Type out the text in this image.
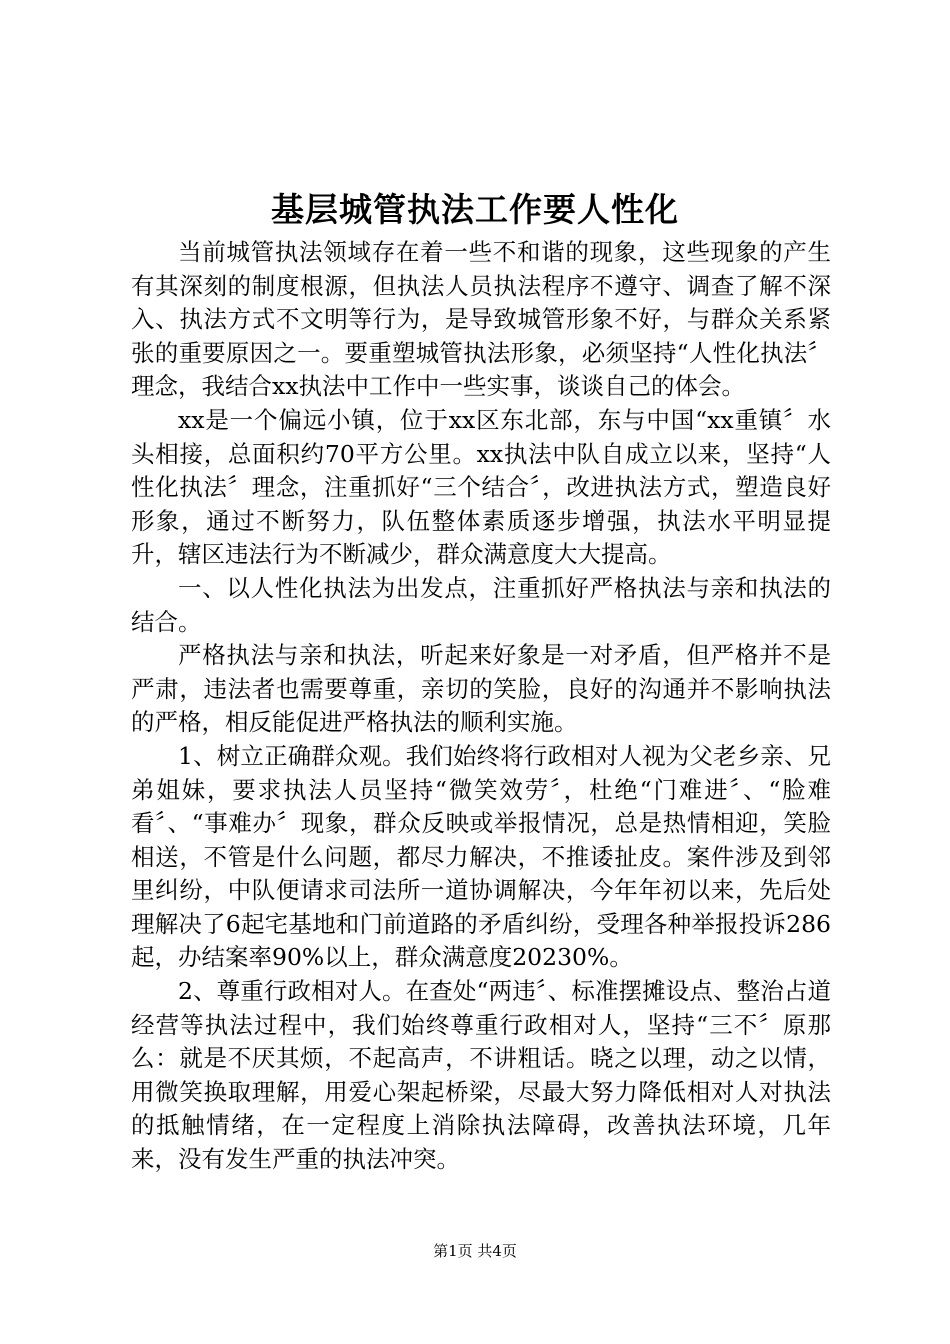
基层城管执法工作要人性化

当前城管执法领域存在着一些不和谐的现象，这些现象的产生有其深刻的制度根源，但执法人员执法程序不遵守、调查了解不深入、执法方式不文明等行为，是导致城管形象不好，与群众关系紧张的重要原因之一。要重塑城管执法形象，必须坚持“人性化执法〞理念，我结合xx执法中工作中一些实事，谈谈自己的体会。

xx是一个偏远小镇，位于xx区东北部，东与中国“xx重镇〞水头相接，总面积约70平方公里。xx执法中队自成立以来，坚持“人性化执法〞理念，注重抓好“三个结合〞，改进执法方式，塑造良好形象，通过不断努力，队伍整体素质逐步增强，执法水平明显提升，辖区违法行为不断减少，群众满意度大大提高。

一、以人性化执法为出发点，注重抓好严格执法与亲和执法的结合。

严格执法与亲和执法，听起来好象是一对矛盾，但严格并不是严肃，违法者也需要尊重，亲切的笑脸，良好的沟通并不影响执法的严格，相反能促进严格执法的顺利实施。

1、树立正确群众观。我们始终将行政相对人视为父老乡亲、兄弟姐妹，要求执法人员坚持“微笑效劳〞，杜绝“门难进〞、“脸难看〞、“事难办〞现象，群众反映或举报情况，总是热情相迎，笑脸相送，不管是什么问题，都尽力解决，不推诿扯皮。案件涉及到邻里纠纷，中队便请求司法所一道协调解决，今年年初以来，先后处理解决了6起宅基地和门前道路的矛盾纠纷，受理各种举报投诉286起，办结案率90%以上，群众满意度20230%。

2、尊重行政相对人。在查处“两违〞、标准摆摊设点、整治占道经营等执法过程中，我们始终尊重行政相对人，坚持“三不〞原那么：就是不厌其烦，不起高声，不讲粗话。晓之以理，动之以情，用微笑换取理解，用爱心架起桥梁，尽最大努力降低相对人对执法的抵触情绪，在一定程度上消除执法障碍，改善执法环境，几年来，没有发生严重的执法冲突。

第1页 共4页
